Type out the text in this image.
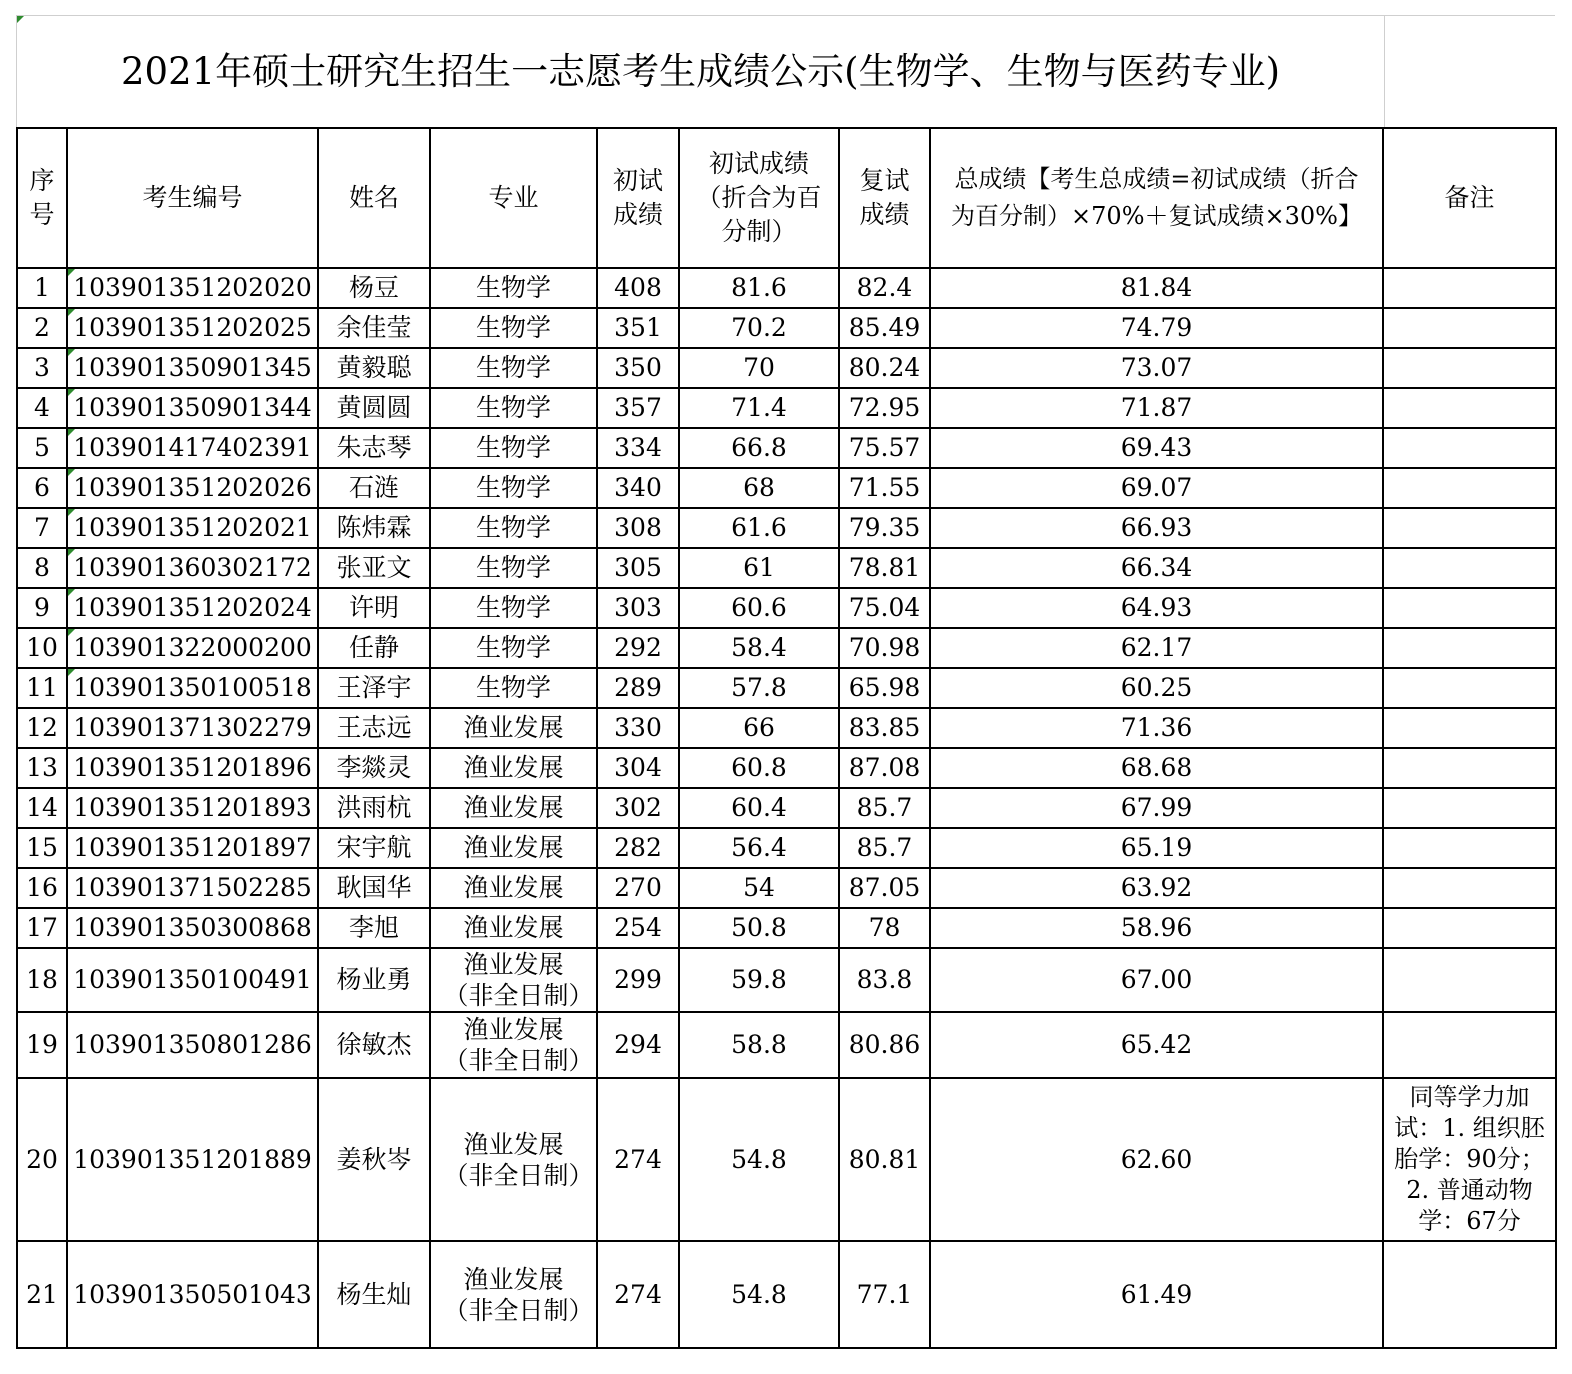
2021年硕士研究生招生一志愿考生成绩公示(生物学、生物与医药专业)
序号	考生编号	姓名	专业	初试成绩	初试成绩（折合为百分制）	复试成绩	总成绩【考生总成绩=初试成绩（折合为百分制）×70%＋复试成绩×30%】	备注

1	103901351202020	杨豆	生物学	408	81.6	82.4	81.84	

2	103901351202025	余佳莹	生物学	351	70.2	85.49	74.79	

3	103901350901345	黄毅聪	生物学	350	70	80.24	73.07	

4	103901350901344	黄圆圆	生物学	357	71.4	72.95	71.87	

5	103901417402391	朱志琴	生物学	334	66.8	75.57	69.43	

6	103901351202026	石涟	生物学	340	68	71.55	69.07	

7	103901351202021	陈炜霖	生物学	308	61.6	79.35	66.93	

8	103901360302172	张亚文	生物学	305	61	78.81	66.34	

9	103901351202024	许明	生物学	303	60.6	75.04	64.93	

10	103901322000200	任静	生物学	292	58.4	70.98	62.17	

11	103901350100518	王泽宇	生物学	289	57.8	65.98	60.25	

12	103901371302279	王志远	渔业发展	330	66	83.85	71.36	

13	103901351201896	李燚灵	渔业发展	304	60.8	87.08	68.68	

14	103901351201893	洪雨杭	渔业发展	302	60.4	85.7	67.99	

15	103901351201897	宋宇航	渔业发展	282	56.4	85.7	65.19	

16	103901371502285	耿国华	渔业发展	270	54	87.05	63.92	

17	103901350300868	李旭	渔业发展	254	50.8	78	58.96	

18	103901350100491	杨业勇	渔业发展（非全日制）	299	59.8	83.8	67.00	

19	103901350801286	徐敏杰	渔业发展（非全日制）	294	58.8	80.86	65.42	

20	103901351201889	姜秋岑	渔业发展（非全日制）	274	54.8	80.81	62.60	同等学力加试：1. 组织胚胎学：90分；2. 普通动物学：67分

21	103901350501043	杨生灿	渔业发展（非全日制）	274	54.8	77.1	61.49	
